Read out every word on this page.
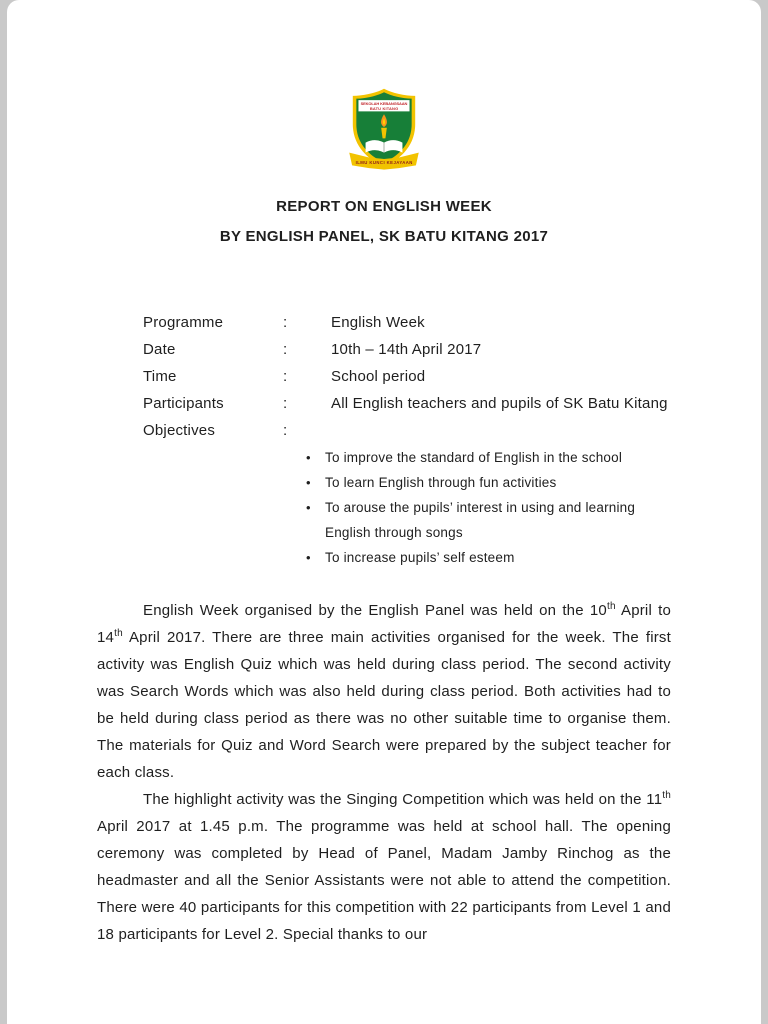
SEKOLAH KEBANGSAAN
BATU KITANG
ILMU KUNCI KEJAYAAN
REPORT ON ENGLISH WEEK
BY ENGLISH PANEL, SK BATU KITANG 2017
Programme	:	English Week
Date	:	10th – 14th April 2017
Time	:	School period
Participants	:	All English teachers and pupils of SK Batu Kitang
Objectives	:
• To improve the standard of English in the school
• To learn English through fun activities
• To arouse the pupils’ interest in using and learning English through songs
• To increase pupils’ self esteem

English Week organised by the English Panel was held on the 10th April to 14th April 2017. There are three main activities organised for the week. The first activity was English Quiz which was held during class period. The second activity was Search Words which was also held during class period. Both activities had to be held during class period as there was no other suitable time to organise them. The materials for Quiz and Word Search were prepared by the subject teacher for each class.

The highlight activity was the Singing Competition which was held on the 11th April 2017 at 1.45 p.m. The programme was held at school hall. The opening ceremony was completed by Head of Panel, Madam Jamby Rinchog as the headmaster and all the Senior Assistants were not able to attend the competition. There were 40 participants for this competition with 22 participants from Level 1 and 18 participants for Level 2. Special thanks to our
